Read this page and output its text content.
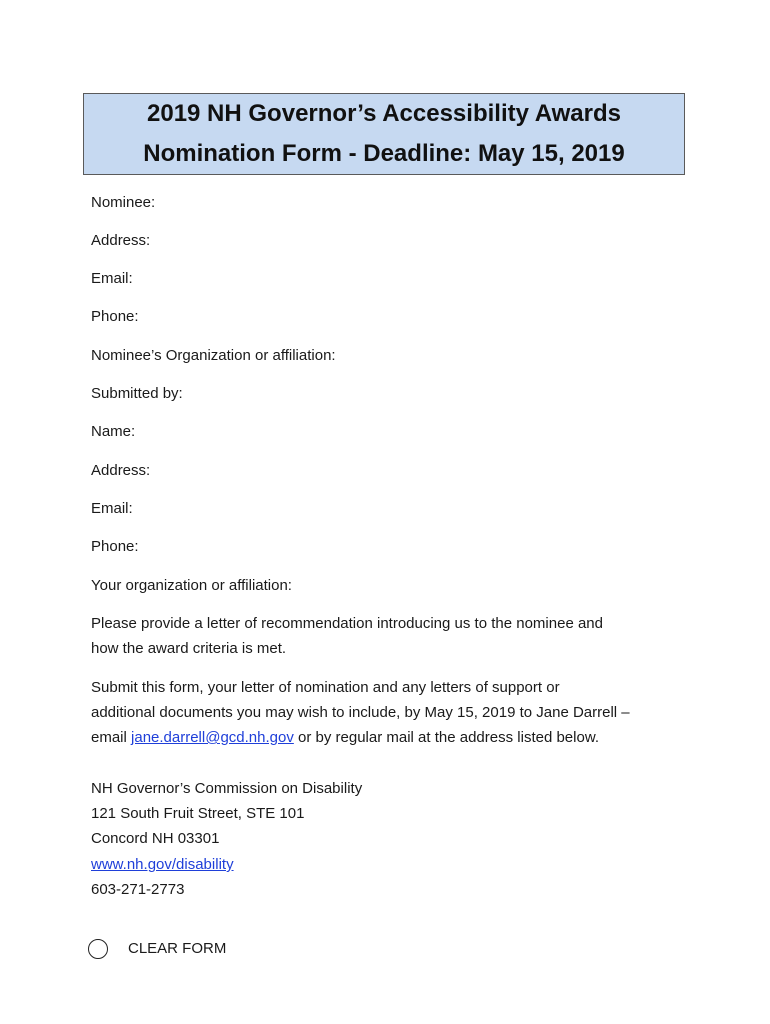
2019 NH Governor’s Accessibility Awards
Nomination Form - Deadline: May 15, 2019
Nominee:
Address:
Email:
Phone:
Nominee’s Organization or affiliation:
Submitted by:
Name:
Address:
Email:
Phone:
Your organization or affiliation:
Please provide a letter of recommendation introducing us to the nominee and
how the award criteria is met.
Submit this form, your letter of nomination and any letters of support or
additional documents you may wish to include, by May 15, 2019 to Jane Darrell –
email jane.darrell@gcd.nh.gov or by regular mail at the address listed below.
NH Governor’s Commission on Disability
121 South Fruit Street, STE 101
Concord NH 03301
www.nh.gov/disability
603-271-2773
CLEAR FORM
